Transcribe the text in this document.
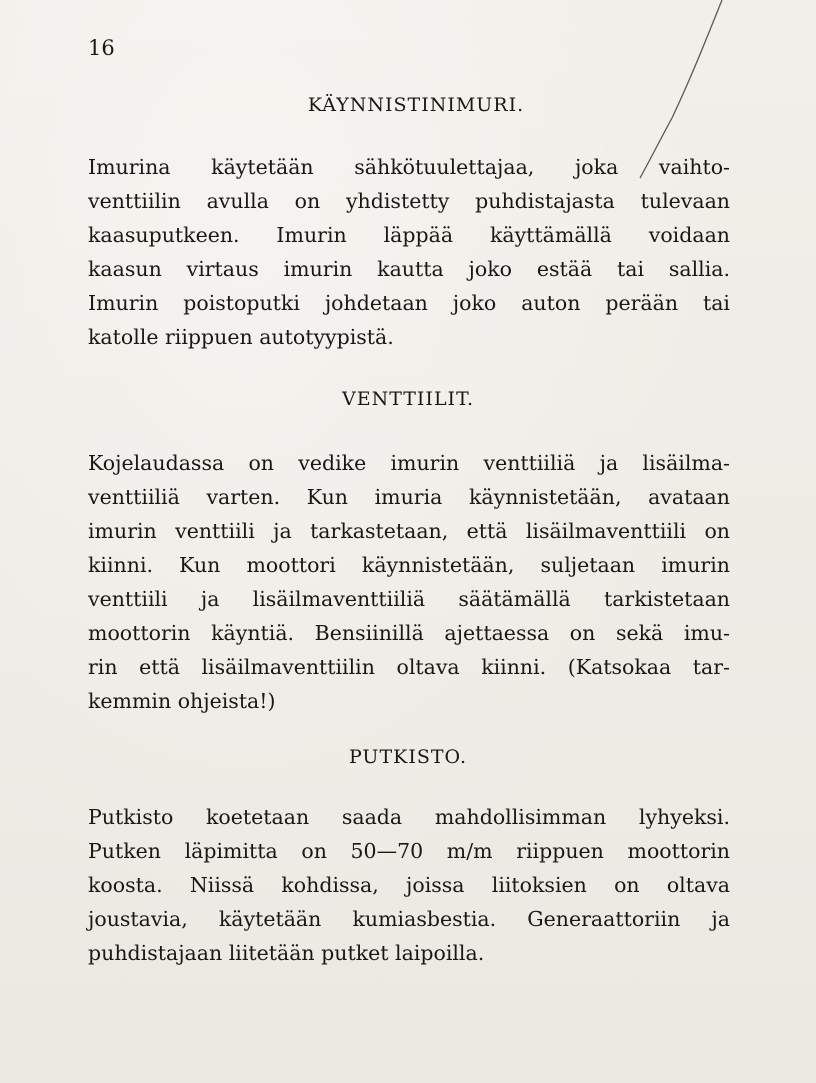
16
KÄYNNISTINIMURI.
Imurina käytetään sähkötuulettajaa, joka vaihto-
venttiilin avulla on yhdistetty puhdistajasta tulevaan
kaasuputkeen. Imurin läppää käyttämällä voidaan
kaasun virtaus imurin kautta joko estää tai sallia.
Imurin poistoputki johdetaan joko auton perään tai
katolle riippuen autotyypistä.
VENTTIILIT.
Kojelaudassa on vedike imurin venttiiliä ja lisäilma-
venttiiliä varten. Kun imuria käynnistetään, avataan
imurin venttiili ja tarkastetaan, että lisäilmaventtiili on
kiinni. Kun moottori käynnistetään, suljetaan imurin
venttiili ja lisäilmaventtiiliä säätämällä tarkistetaan
moottorin käyntiä. Bensiinillä ajettaessa on sekä imu-
rin että lisäilmaventtiilin oltava kiinni. (Katsokaa tar-
kemmin ohjeista!)
PUTKISTO.
Putkisto koetetaan saada mahdollisimman lyhyeksi.
Putken läpimitta on 50—70 m/m riippuen moottorin
koosta. Niissä kohdissa, joissa liitoksien on oltava
joustavia, käytetään kumiasbestia. Generaattoriin ja
puhdistajaan liitetään putket laipoilla.
